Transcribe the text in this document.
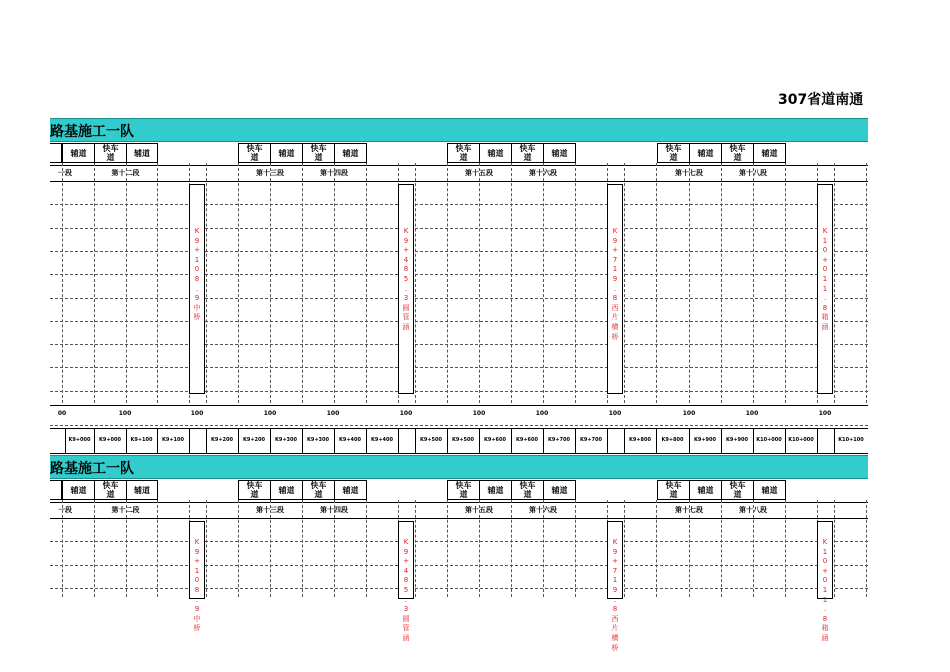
307省道南通
路基施工一队
辅道	快车
道	辅道	快车
道	辅道	快车
道	辅道	快车
道	辅道	快车
道	辅道	快车
道	辅道	快车
道	辅道
一段	第十二段	第十三段	第十四段	第十五段	第十六段	第十七段	第十八段
K
9
+
1
0
8
.
9
中
桥
K
9
+
4
8
5
.
3
圆
管
涵
K
9
+
7
1
9
.
8
西
片
横
桥
K
1
0
+
0
1
1
.
8
箱
涵
00	100	100	100	100	100	100	100	100	100	100	100
K9+000	K9+000	K9+100	K9+100	K9+200	K9+200	K9+300	K9+300	K9+400	K9+400	K9+500	K9+500	K9+600	K9+600	K9+700	K9+700	K9+800	K9+800	K9+900	K9+900	K10+000	K10+000	K10+100
路基施工一队
辅道	快车
道	辅道	快车
道	辅道	快车
道	辅道	快车
道	辅道	快车
道	辅道	快车
道	辅道	快车
道	辅道
一段	第十二段	第十三段	第十四段	第十五段	第十六段	第十七段	第十八段
K
9
+
1
0
8
.
9
中
桥
K
9
+
4
8
5
.
3
圆
管
涵
K
9
+
7
1
9
.
8
西
片
横
桥
K
1
0
+
0
1
1
.
8
箱
涵
